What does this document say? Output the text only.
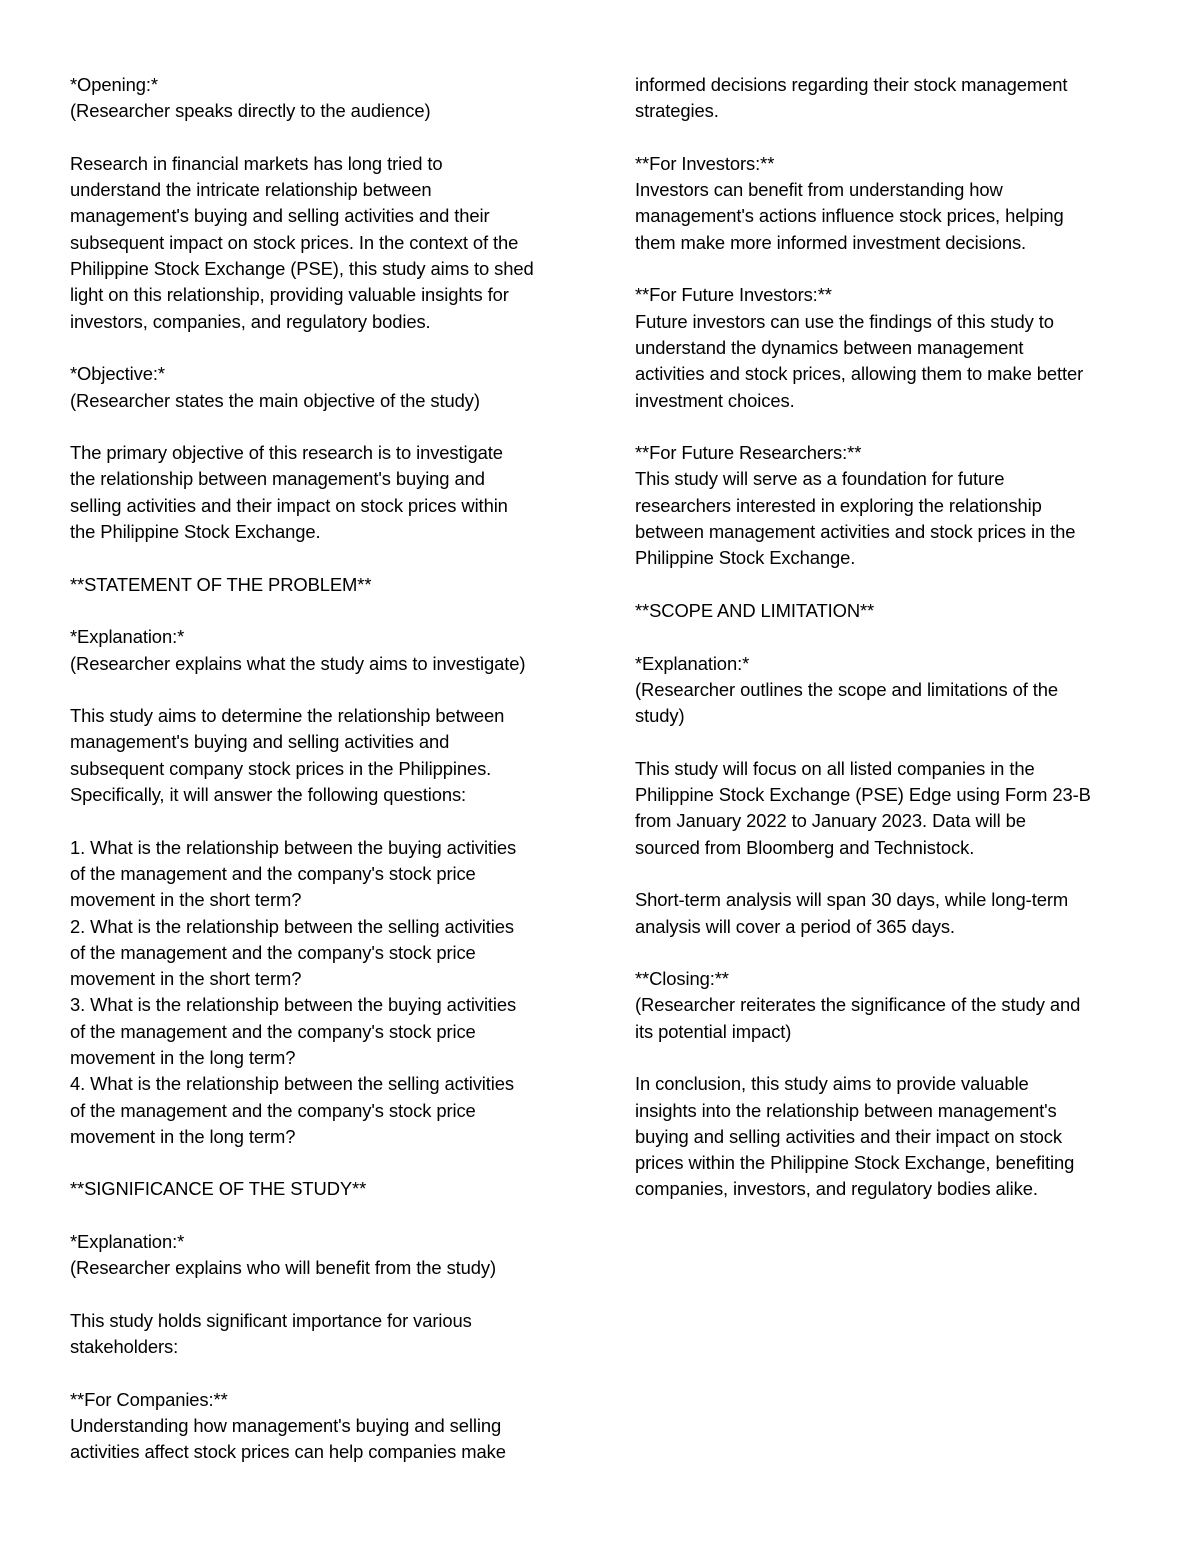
*Opening:*
(Researcher speaks directly to the audience)
Research in financial markets has long tried to
understand the intricate relationship between
management's buying and selling activities and their
subsequent impact on stock prices. In the context of the
Philippine Stock Exchange (PSE), this study aims to shed
light on this relationship, providing valuable insights for
investors, companies, and regulatory bodies.
*Objective:*
(Researcher states the main objective of the study)
The primary objective of this research is to investigate
the relationship between management's buying and
selling activities and their impact on stock prices within
the Philippine Stock Exchange.
**STATEMENT OF THE PROBLEM**
*Explanation:*
(Researcher explains what the study aims to investigate)
This study aims to determine the relationship between
management's buying and selling activities and
subsequent company stock prices in the Philippines.
Specifically, it will answer the following questions:
1. What is the relationship between the buying activities
of the management and the company's stock price
movement in the short term?
2. What is the relationship between the selling activities
of the management and the company's stock price
movement in the short term?
3. What is the relationship between the buying activities
of the management and the company's stock price
movement in the long term?
4. What is the relationship between the selling activities
of the management and the company's stock price
movement in the long term?
**SIGNIFICANCE OF THE STUDY**
*Explanation:*
(Researcher explains who will benefit from the study)
This study holds significant importance for various
stakeholders:
**For Companies:**
Understanding how management's buying and selling
activities affect stock prices can help companies make
informed decisions regarding their stock management
strategies.
**For Investors:**
Investors can benefit from understanding how
management's actions influence stock prices, helping
them make more informed investment decisions.
**For Future Investors:**
Future investors can use the findings of this study to
understand the dynamics between management
activities and stock prices, allowing them to make better
investment choices.
**For Future Researchers:**
This study will serve as a foundation for future
researchers interested in exploring the relationship
between management activities and stock prices in the
Philippine Stock Exchange.
**SCOPE AND LIMITATION**
*Explanation:*
(Researcher outlines the scope and limitations of the
study)
This study will focus on all listed companies in the
Philippine Stock Exchange (PSE) Edge using Form 23-B
from January 2022 to January 2023. Data will be
sourced from Bloomberg and Technistock.
Short-term analysis will span 30 days, while long-term
analysis will cover a period of 365 days.
**Closing:**
(Researcher reiterates the significance of the study and
its potential impact)
In conclusion, this study aims to provide valuable
insights into the relationship between management's
buying and selling activities and their impact on stock
prices within the Philippine Stock Exchange, benefiting
companies, investors, and regulatory bodies alike.
